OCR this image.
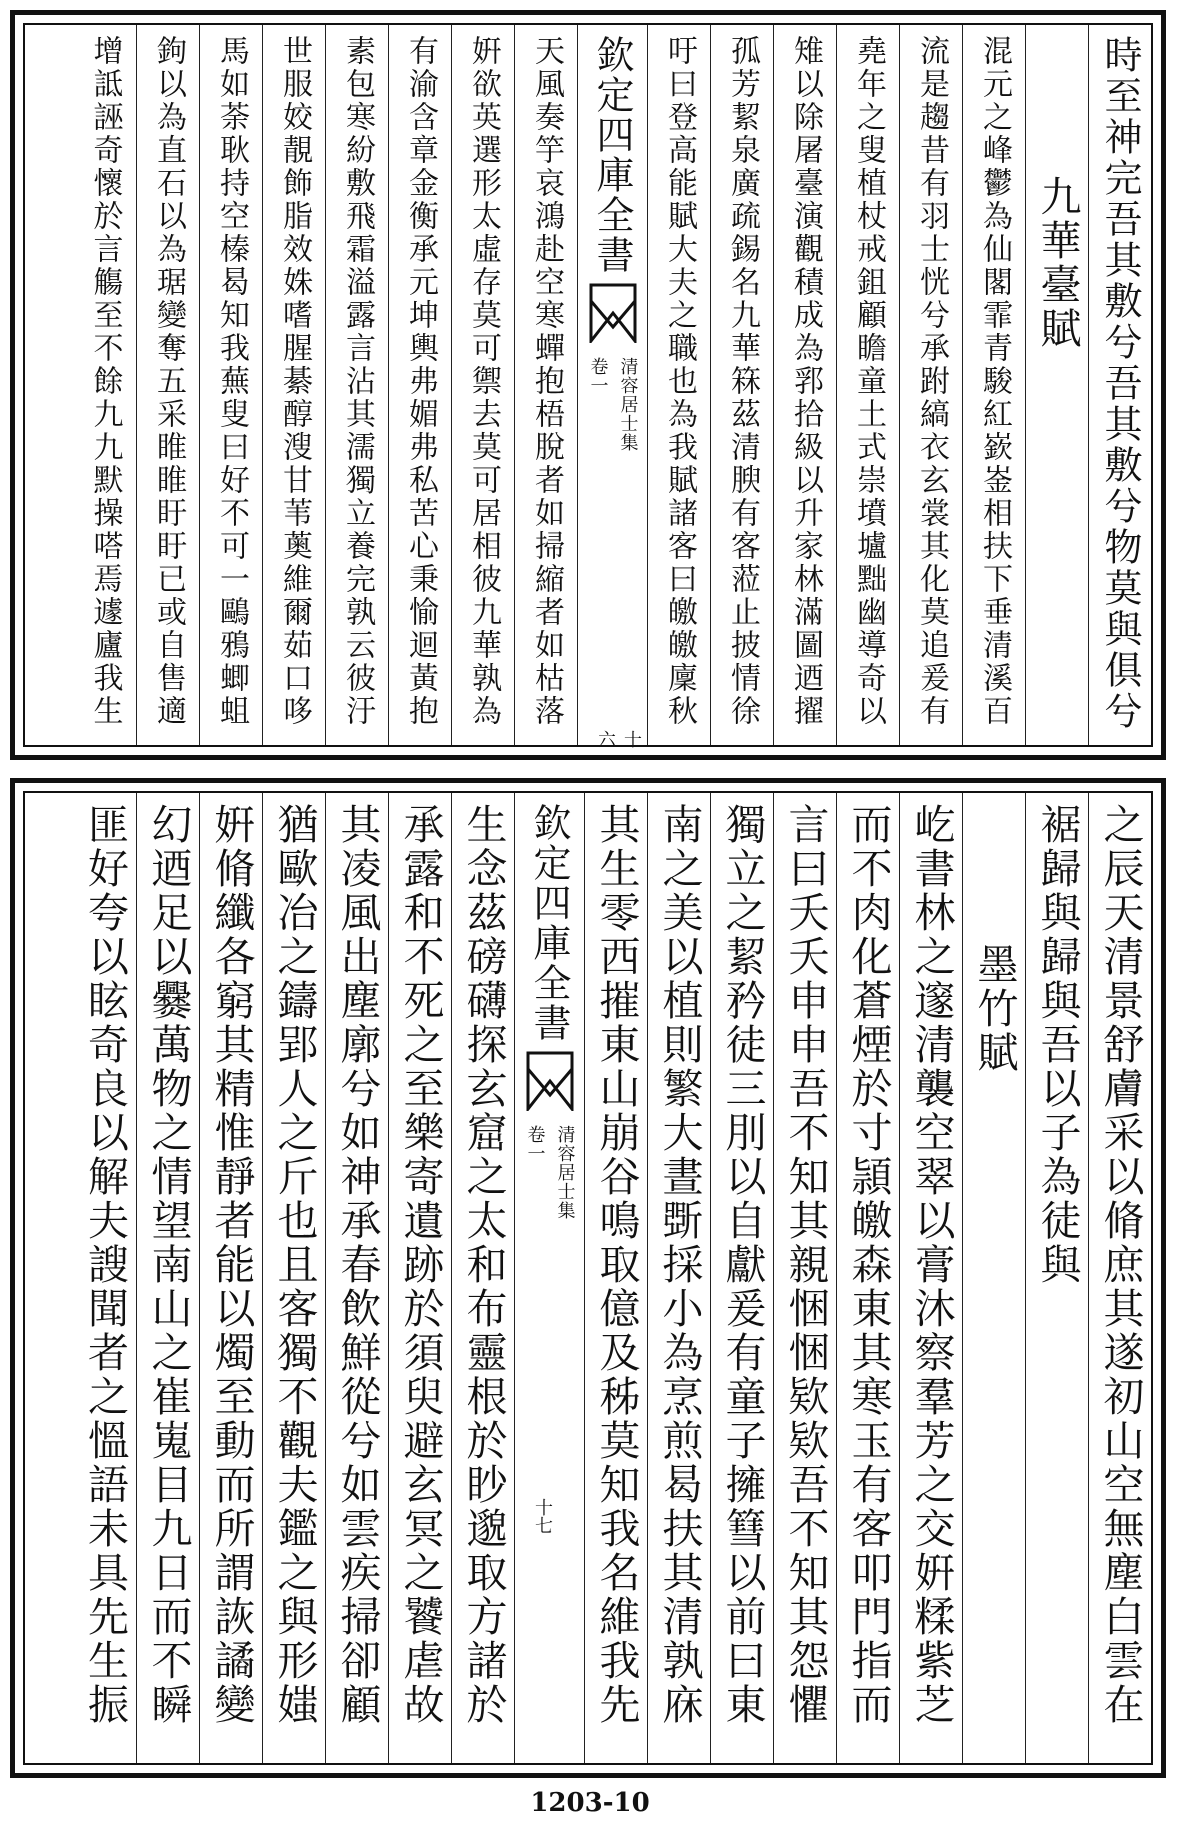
時至神完吾其敷兮吾其敷兮物莫與俱兮
九華臺賦
混元之峰鬱為仙閣霏青駿紅嶔崟相扶下垂清溪百
流是趨昔有羽士恍兮承跗縞衣玄裳其化莫追爰有
堯年之叟植杖戒鉏顧瞻童土式崇墳壚黜幽導奇以
雉以除屠臺演觀積成為郛拾級以升家林滿圖迺擢
孤芳絜泉廣疏錫名九華箖茲清腴有客蒞止披情徐
吁曰登高能賦大夫之職也為我賦諸客曰皦皦廩秋
欽定四庫全書
清容居士集
卷一
十六
天風奏竽哀鴻赴空寒蟬抱梧脫者如掃縮者如枯落
姸欲英選形太虛存莫可禦去莫可居相彼九華孰為
有渝含章金衡承元坤輿弗媚弗私苦心秉愉迴黃抱
素包寒紛敷飛霜溢露言沾其濡獨立養完孰云彼汙
世服姣靚飾脂效姝嗜腥綦醇溲甘苇薁維爾茹口哆
馬如荼耿持空榛曷知我蕪叟曰好不可一鷗鴉蝍蛆
鉤以為直石以為琚變奪五采睢睢盱盱已或自售適
增詆誣奇懷於言觴至不餘九九默操嗒焉遽廬我生
之辰天清景舒膚采以脩庶其遂初山空無塵白雲在
裾歸與歸與吾以子為徒與
墨竹賦
屹書林之邃清襲空翠以膏沐察羣芳之交姸糅紫芝
而不肉化蒼煙於寸頴皦森東其寒玉有客叩門指而
言曰夭夭申申吾不知其親悃悃欵欵吾不知其怨懼
獨立之絜矜徒三刖以自獻爰有童子擁篲以前曰東
南之美以植則繁大晝斲採小為烹煎曷扶其清孰庥
其生零西摧東山崩谷鳴取億及秭莫知我名維我先
欽定四庫全書
清容居士集
卷一
十七
生念茲磅礴探玄窟之太和布靈根於眇邈取方諸於
承露和不死之至樂寄遺跡於須臾避玄冥之饕虐故
其凌風出塵廓兮如神承春飲鮮從兮如雲疾掃卻顧
猶歐冶之鑄郢人之斤也且客獨不觀夫鑑之與形媸
姸脩纖各窮其精惟靜者能以燭至動而所謂詼譎變
幻迺足以爨萬物之情望南山之崔嵬目九日而不瞬
匪好夸以眩奇良以解夫謏聞者之慍語未具先生振
1203-10
